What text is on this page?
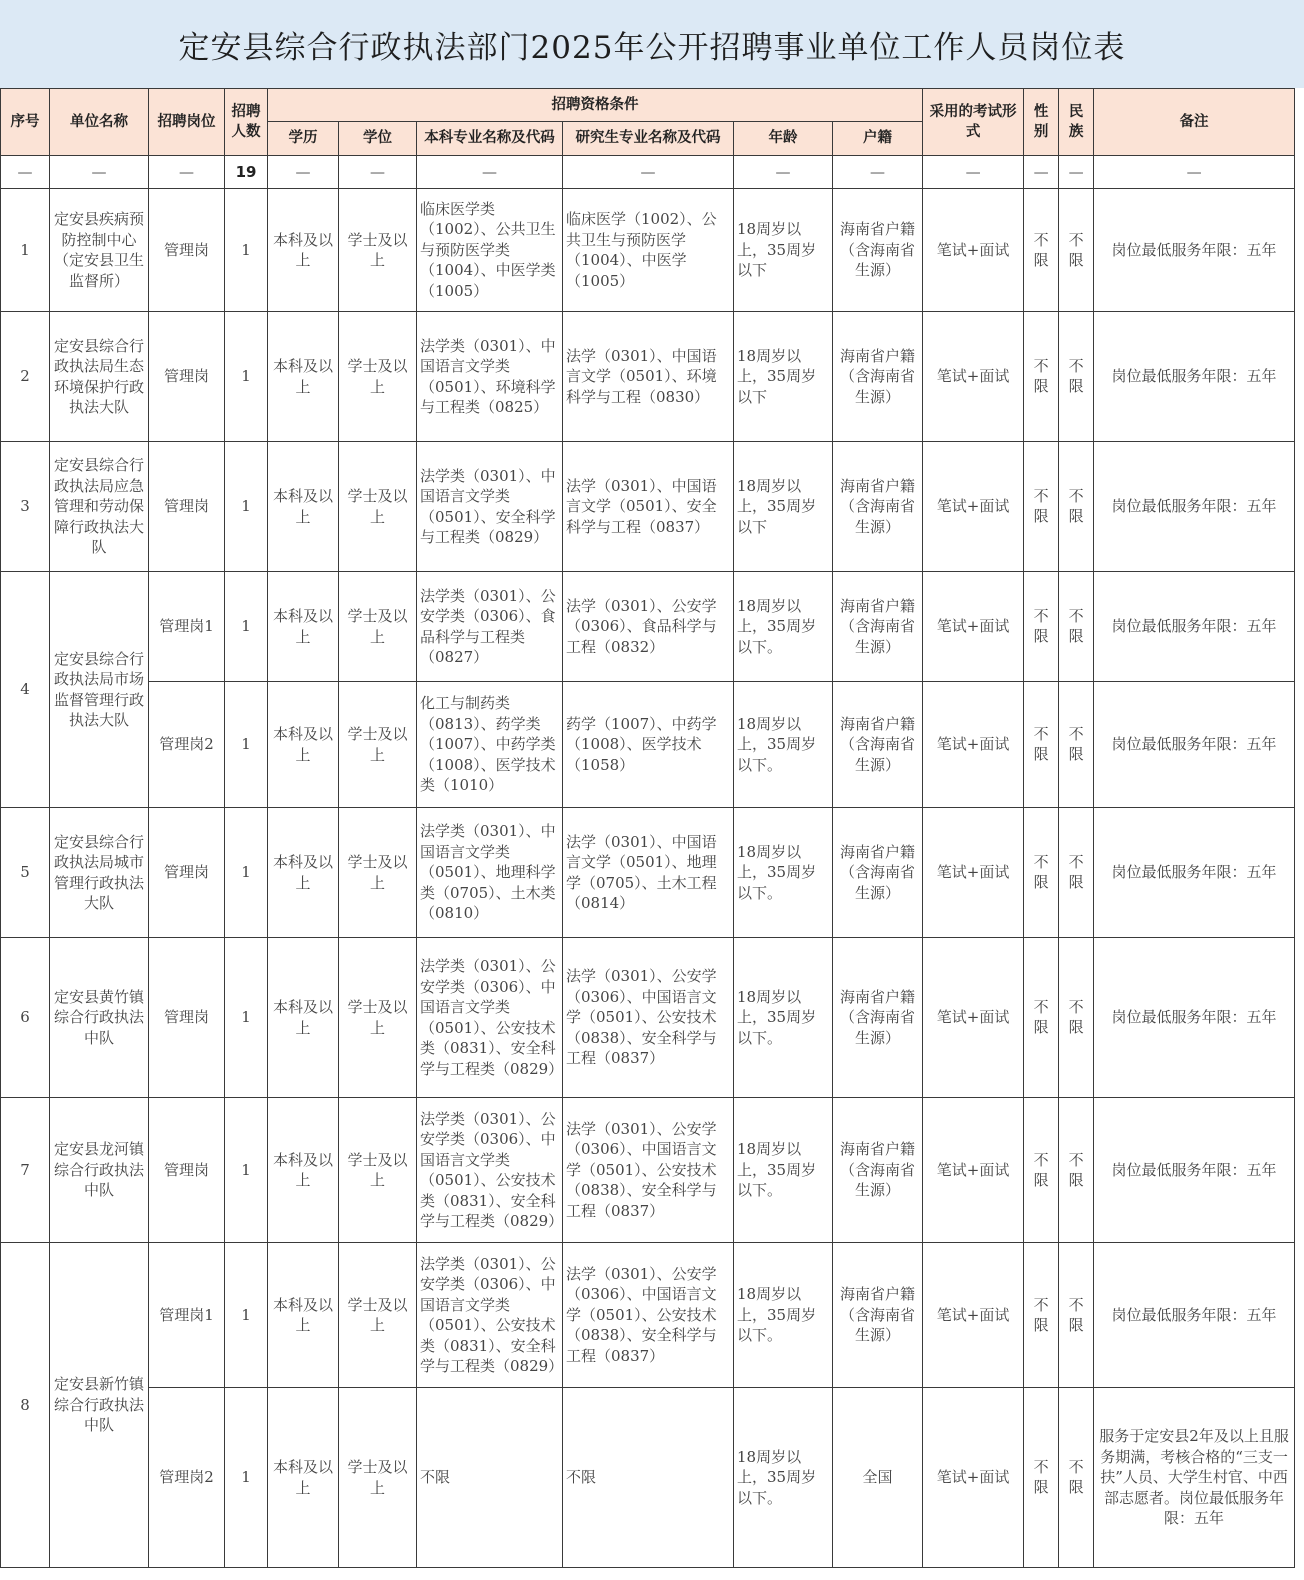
定安县综合行政执法部门2025年公开招聘事业单位工作人员岗位表
序号	单位名称	招聘岗位	招聘人数	招聘资格条件						采用的考试形式	性别	民族	备注
				学历	学位	本科专业名称及代码	研究生专业名称及代码	年龄	户籍				
—	—	—	19	—	—	—	—	—	—	—	—	—	—
1	定安县疾病预防控制中心（定安县卫生监督所）	管理岗	1	本科及以上	学士及以上	临床医学类（1002）、公共卫生与预防医学类（1004）、中医学类（1005）	临床医学（1002）、公共卫生与预防医学（1004）、中医学（1005）	18周岁以上，35周岁以下	海南省户籍（含海南省生源）	笔试+面试	不限	不限	岗位最低服务年限：五年
2	定安县综合行政执法局生态环境保护行政执法大队	管理岗	1	本科及以上	学士及以上	法学类（0301）、中国语言文学类（0501）、环境科学与工程类（0825）	法学（0301）、中国语言文学（0501）、环境科学与工程（0830）	18周岁以上，35周岁以下	海南省户籍（含海南省生源）	笔试+面试	不限	不限	岗位最低服务年限：五年
3	定安县综合行政执法局应急管理和劳动保障行政执法大队	管理岗	1	本科及以上	学士及以上	法学类（0301）、中国语言文学类（0501）、安全科学与工程类（0829）	法学（0301）、中国语言文学（0501）、安全科学与工程（0837）	18周岁以上，35周岁以下	海南省户籍（含海南省生源）	笔试+面试	不限	不限	岗位最低服务年限：五年
4	定安县综合行政执法局市场监督管理行政执法大队	管理岗1	1	本科及以上	学士及以上	法学类（0301）、公安学类（0306）、食品科学与工程类（0827）	法学（0301）、公安学（0306）、食品科学与工程（0832）	18周岁以上，35周岁以下。	海南省户籍（含海南省生源）	笔试+面试	不限	不限	岗位最低服务年限：五年
		管理岗2	1	本科及以上	学士及以上	化工与制药类（0813）、药学类（1007）、中药学类（1008）、医学技术类（1010）	药学（1007）、中药学（1008）、医学技术（1058）	18周岁以上，35周岁以下。	海南省户籍（含海南省生源）	笔试+面试	不限	不限	岗位最低服务年限：五年
5	定安县综合行政执法局城市管理行政执法大队	管理岗	1	本科及以上	学士及以上	法学类（0301）、中国语言文学类（0501）、地理科学类（0705）、土木类（0810）	法学（0301）、中国语言文学（0501）、地理学（0705）、土木工程（0814）	18周岁以上，35周岁以下。	海南省户籍（含海南省生源）	笔试+面试	不限	不限	岗位最低服务年限：五年
6	定安县黄竹镇综合行政执法中队	管理岗	1	本科及以上	学士及以上	法学类（0301）、公安学类（0306）、中国语言文学类（0501）、公安技术类（0831）、安全科学与工程类（0829）	法学（0301）、公安学（0306）、中国语言文学（0501）、公安技术（0838）、安全科学与工程（0837）	18周岁以上，35周岁以下。	海南省户籍（含海南省生源）	笔试+面试	不限	不限	岗位最低服务年限：五年
7	定安县龙河镇综合行政执法中队	管理岗	1	本科及以上	学士及以上	法学类（0301）、公安学类（0306）、中国语言文学类（0501）、公安技术类（0831）、安全科学与工程类（0829）	法学（0301）、公安学（0306）、中国语言文学（0501）、公安技术（0838）、安全科学与工程（0837）	18周岁以上，35周岁以下。	海南省户籍（含海南省生源）	笔试+面试	不限	不限	岗位最低服务年限：五年
8	定安县新竹镇综合行政执法中队	管理岗1	1	本科及以上	学士及以上	法学类（0301）、公安学类（0306）、中国语言文学类（0501）、公安技术类（0831）、安全科学与工程类（0829）	法学（0301）、公安学（0306）、中国语言文学（0501）、公安技术（0838）、安全科学与工程（0837）	18周岁以上，35周岁以下。	海南省户籍（含海南省生源）	笔试+面试	不限	不限	岗位最低服务年限：五年
		管理岗2	1	本科及以上	学士及以上	不限	不限	18周岁以上，35周岁以下。	全国	笔试+面试	不限	不限	服务于定安县2年及以上且服务期满，考核合格的“三支一扶”人员、大学生村官、中西部志愿者。岗位最低服务年限：五年
